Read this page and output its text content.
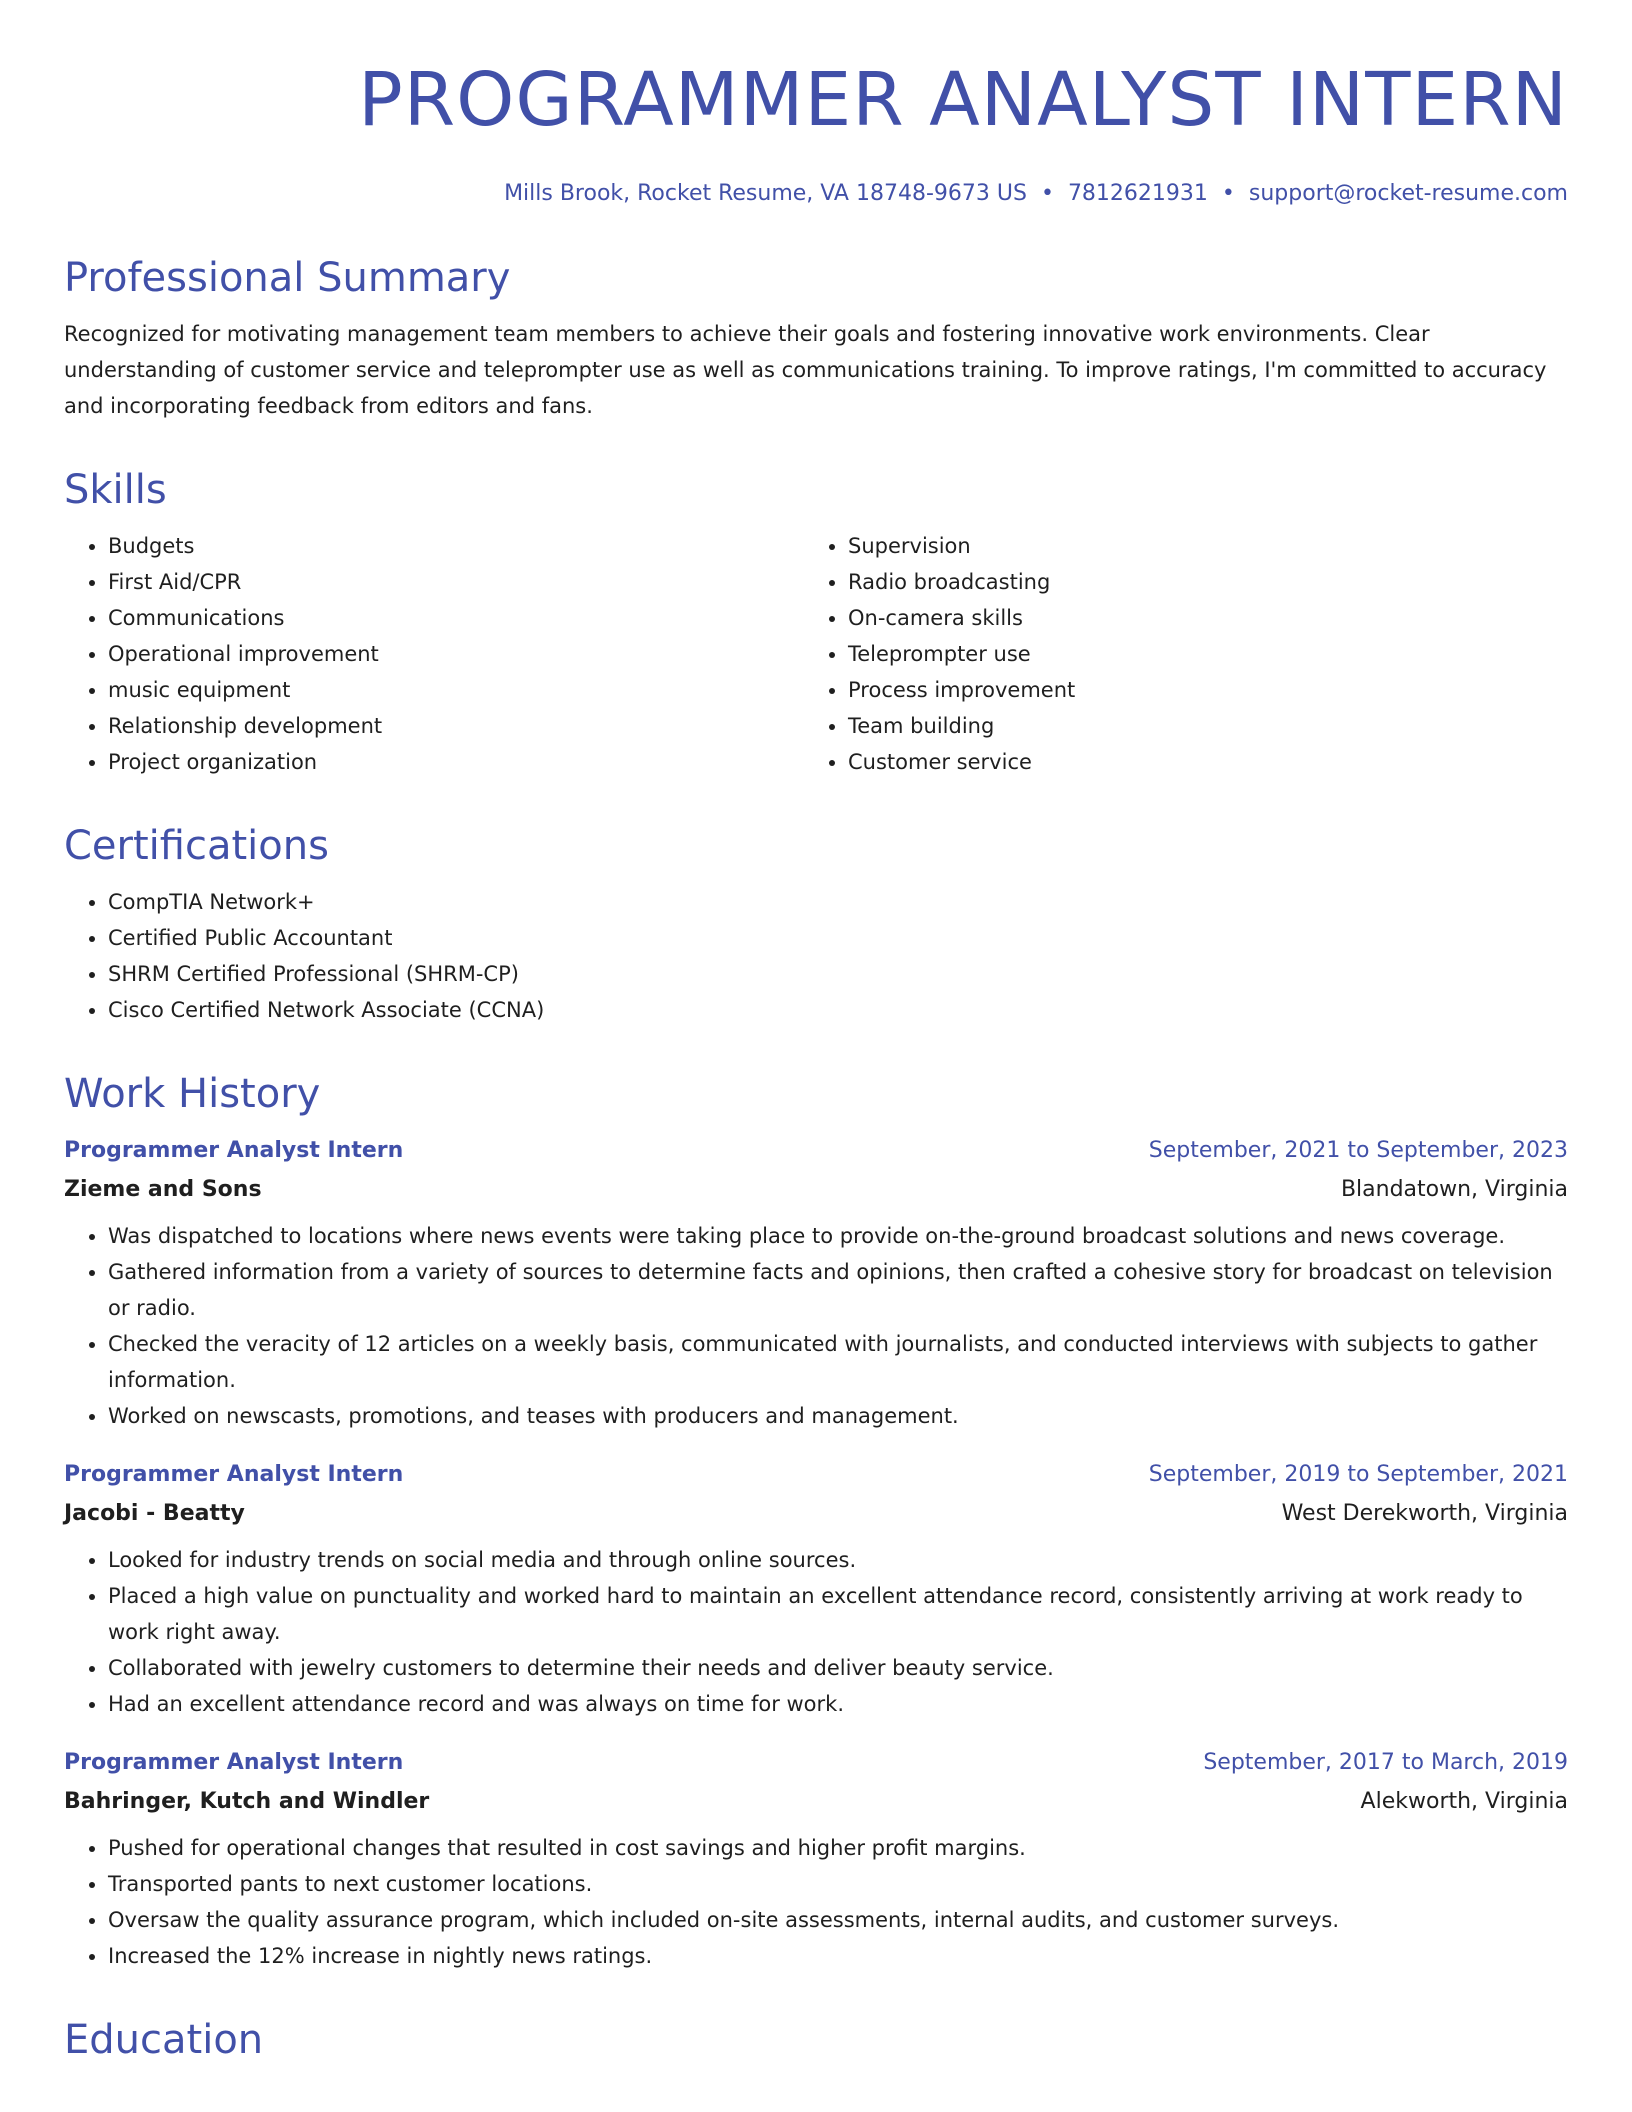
PROGRAMMER ANALYST INTERN
Mills Brook, Rocket Resume, VA 18748-9673 US • 7812621931 • support@rocket-resume.com
Professional Summary

Recognized for motivating management team members to achieve their goals and fostering innovative work environments. Clear understanding of customer service and teleprompter use as well as communications training. To improve ratings, I'm committed to accuracy and incorporating feedback from editors and fans.

Skills
• Budgets
• First Aid/CPR
• Communications
• Operational improvement
• music equipment
• Relationship development
• Project organization
• Supervision
• Radio broadcasting
• On-camera skills
• Teleprompter use
• Process improvement
• Team building
• Customer service
Certifications
• CompTIA Network+
• Certified Public Accountant
• SHRM Certified Professional (SHRM-CP)
• Cisco Certified Network Associate (CCNA)
Work History
Programmer Analyst Intern	September, 2021 to September, 2023
Zieme and Sons	Blandatown, Virginia
• Was dispatched to locations where news events were taking place to provide on-the-ground broadcast solutions and news coverage.
• Gathered information from a variety of sources to determine facts and opinions, then crafted a cohesive story for broadcast on television or radio.
• Checked the veracity of 12 articles on a weekly basis, communicated with journalists, and conducted interviews with subjects to gather information.
• Worked on newscasts, promotions, and teases with producers and management.
Programmer Analyst Intern	September, 2019 to September, 2021
Jacobi - Beatty	West Derekworth, Virginia
• Looked for industry trends on social media and through online sources.
• Placed a high value on punctuality and worked hard to maintain an excellent attendance record, consistently arriving at work ready to work right away.
• Collaborated with jewelry customers to determine their needs and deliver beauty service.
• Had an excellent attendance record and was always on time for work.
Programmer Analyst Intern	September, 2017 to March, 2019
Bahringer, Kutch and Windler	Alekworth, Virginia
• Pushed for operational changes that resulted in cost savings and higher profit margins.
• Transported pants to next customer locations.
• Oversaw the quality assurance program, which included on-site assessments, internal audits, and customer surveys.
• Increased the 12% increase in nightly news ratings.
Education
